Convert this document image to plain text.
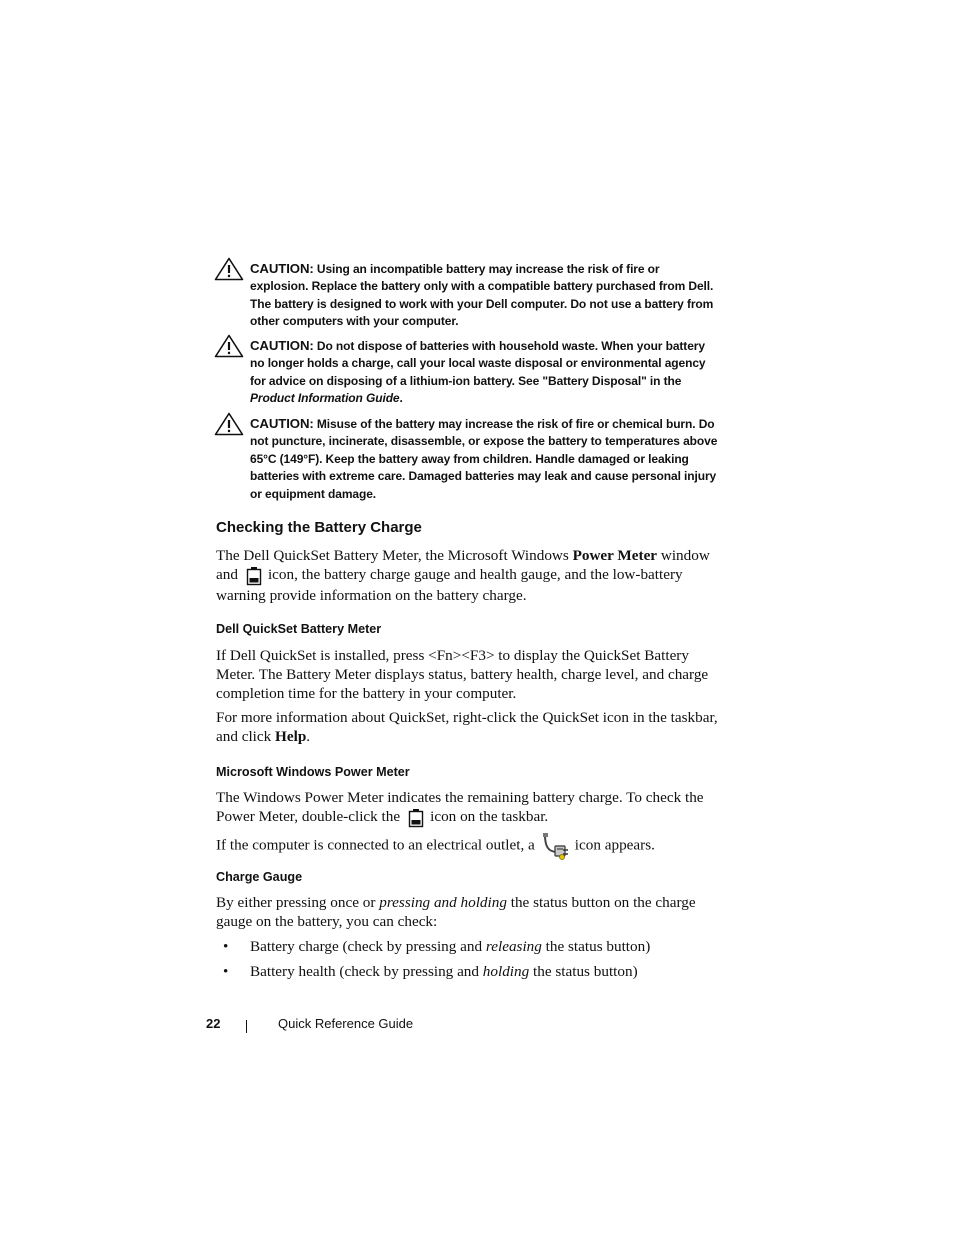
CAUTION: Using an incompatible battery may increase the risk of fire or explosion. Replace the battery only with a compatible battery purchased from Dell. The battery is designed to work with your Dell computer. Do not use a battery from other computers with your computer.
CAUTION: Do not dispose of batteries with household waste. When your battery no longer holds a charge, call your local waste disposal or environmental agency for advice on disposing of a lithium-ion battery. See "Battery Disposal" in the Product Information Guide.
CAUTION: Misuse of the battery may increase the risk of fire or chemical burn. Do not puncture, incinerate, disassemble, or expose the battery to temperatures above 65°C (149°F). Keep the battery away from children. Handle damaged or leaking batteries with extreme care. Damaged batteries may leak and cause personal injury or equipment damage.
Checking the Battery Charge

The Dell QuickSet Battery Meter, the Microsoft Windows Power Meter window and icon, the battery charge gauge and health gauge, and the low-battery warning provide information on the battery charge.

Dell QuickSet Battery Meter

If Dell QuickSet is installed, press <Fn><F3> to display the QuickSet Battery Meter. The Battery Meter displays status, battery health, charge level, and charge completion time for the battery in your computer.

For more information about QuickSet, right-click the QuickSet icon in the taskbar, and click Help.

Microsoft Windows Power Meter

The Windows Power Meter indicates the remaining battery charge. To check the Power Meter, double-click the icon on the taskbar.

If the computer is connected to an electrical outlet, a	icon appears.

Charge Gauge

By either pressing once or pressing and holding the status button on the charge gauge on the battery, you can check:

• Battery charge (check by pressing and releasing the status button)
• Battery health (check by pressing and holding the status button)
22	Quick Reference Guide
